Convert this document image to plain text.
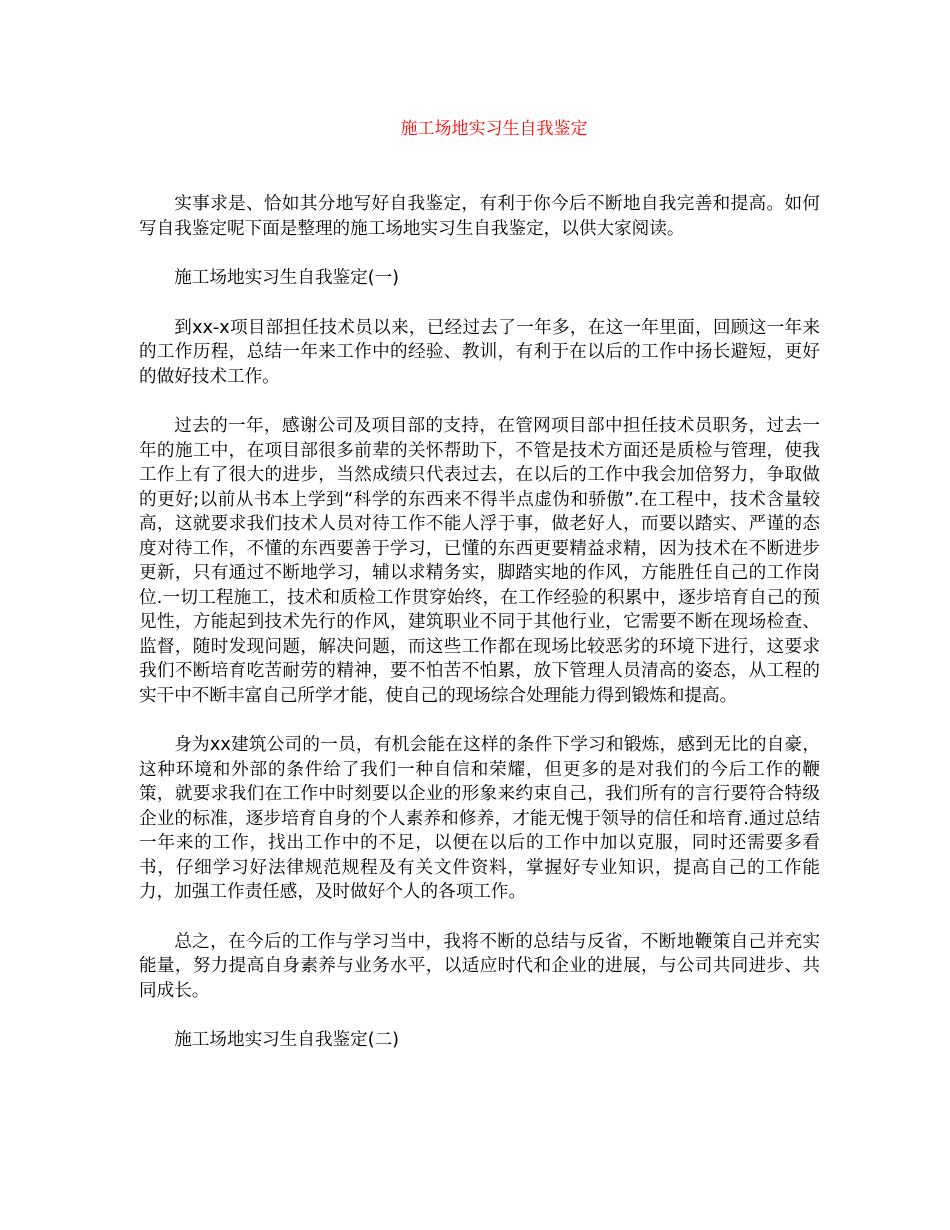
施工场地实习生自我鉴定

实事求是、恰如其分地写好自我鉴定，有利于你今后不断地自我完善和提高。如何写自我鉴定呢下面是整理的施工场地实习生自我鉴定，以供大家阅读。

施工场地实习生自我鉴定(一)

到xx-x项目部担任技术员以来，已经过去了一年多，在这一年里面，回顾这一年来的工作历程，总结一年来工作中的经验、教训，有利于在以后的工作中扬长避短，更好的做好技术工作。

过去的一年，感谢公司及项目部的支持，在管网项目部中担任技术员职务，过去一年的施工中，在项目部很多前辈的关怀帮助下，不管是技术方面还是质检与管理，使我工作上有了很大的进步，当然成绩只代表过去，在以后的工作中我会加倍努力，争取做的更好;以前从书本上学到“科学的东西来不得半点虚伪和骄傲”.在工程中，技术含量较高，这就要求我们技术人员对待工作不能人浮于事，做老好人，而要以踏实、严谨的态度对待工作，不懂的东西要善于学习，已懂的东西更要精益求精，因为技术在不断进步更新，只有通过不断地学习，辅以求精务实，脚踏实地的作风，方能胜任自己的工作岗位.一切工程施工，技术和质检工作贯穿始终，在工作经验的积累中，逐步培育自己的预见性，方能起到技术先行的作风，建筑职业不同于其他行业，它需要不断在现场检查、监督，随时发现问题，解决问题，而这些工作都在现场比较恶劣的环境下进行，这要求我们不断培育吃苦耐劳的精神，要不怕苦不怕累，放下管理人员清高的姿态，从工程的实干中不断丰富自己所学才能，使自己的现场综合处理能力得到锻炼和提高。

身为xx建筑公司的一员，有机会能在这样的条件下学习和锻炼，感到无比的自豪，这种环境和外部的条件给了我们一种自信和荣耀，但更多的是对我们的今后工作的鞭策，就要求我们在工作中时刻要以企业的形象来约束自己，我们所有的言行要符合特级企业的标准，逐步培育自身的个人素养和修养，才能无愧于领导的信任和培育.通过总结一年来的工作，找出工作中的不足，以便在以后的工作中加以克服，同时还需要多看书，仔细学习好法律规范规程及有关文件资料，掌握好专业知识，提高自己的工作能力，加强工作责任感，及时做好个人的各项工作。

总之，在今后的工作与学习当中，我将不断的总结与反省，不断地鞭策自己并充实能量，努力提高自身素养与业务水平，以适应时代和企业的进展，与公司共同进步、共同成长。

施工场地实习生自我鉴定(二)
